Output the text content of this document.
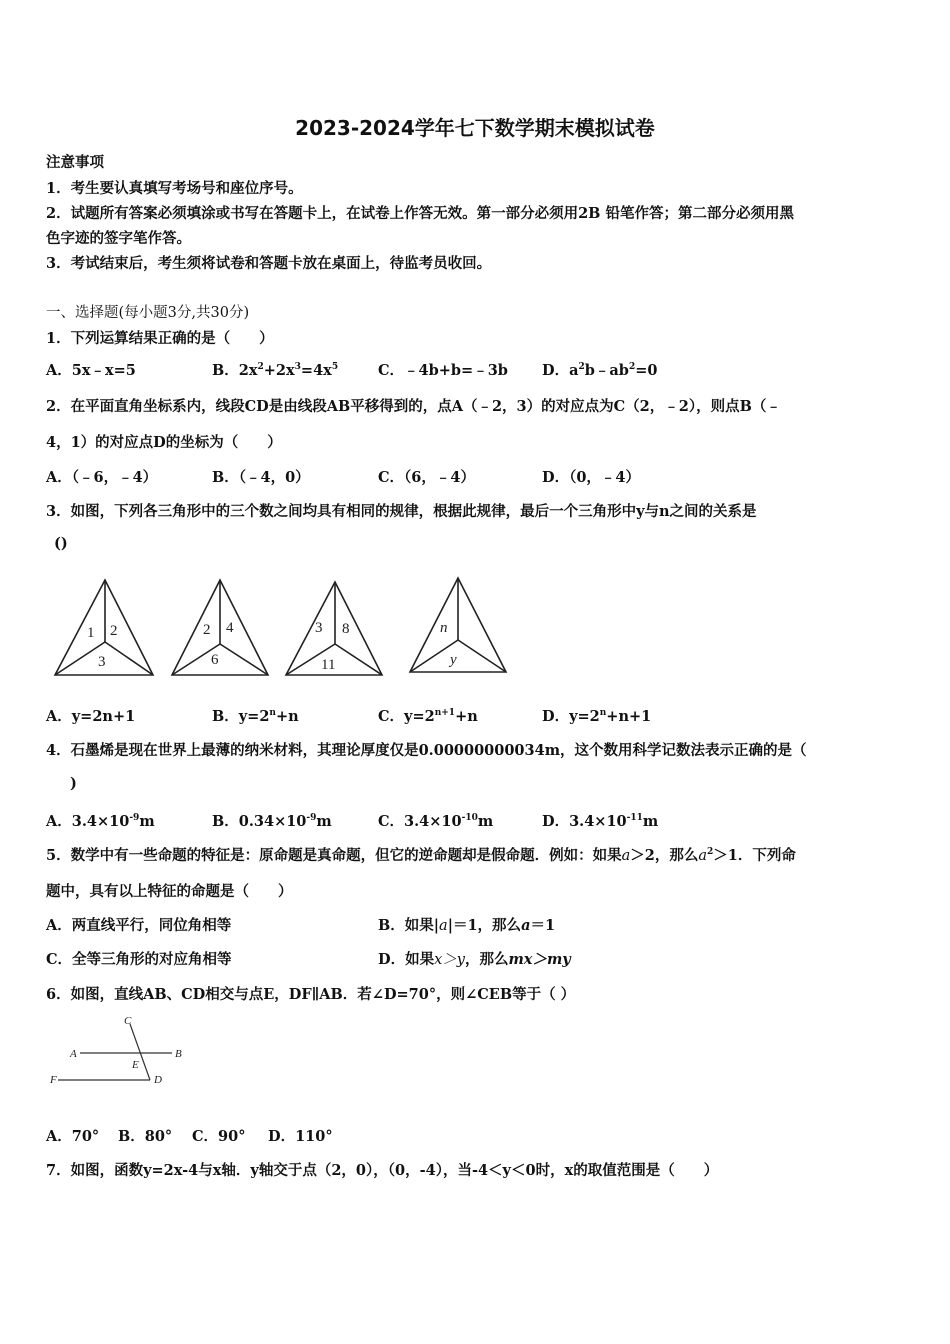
2023-2024学年七下数学期末模拟试卷
注意事项
1．考生要认真填写考场号和座位序号。
2．试题所有答案必须填涂或书写在答题卡上，在试卷上作答无效。第一部分必须用2B 铅笔作答；第二部分必须用黑
色字迹的签字笔作答。
3．考试结束后，考生须将试卷和答题卡放在桌面上，待监考员收回。
一、选择题(每小题3分,共30分)
1．下列运算结果正确的是（　　）
A．5x﹣x=5	B．$2x^2+2x^3=4x^5$	C．﹣4b+b=﹣3b D．$a^2b﹣ab^2=0$
2．在平面直角坐标系内，线段CD是由线段AB平移得到的，点A（﹣2，3）的对应点为C（2，﹣2），则点B（﹣
4，1）的对应点D的坐标为（　　）
A．（﹣6，﹣4）	B．（﹣4，0）	C．（6，﹣4）	D．（0，﹣4）
3．如图，下列各三角形中的三个数之间均具有相同的规律，根据此规律，最后一个三角形中y与n之间的关系是
()
1 2
3
2 4
6
3 8
11
n
y
A．y=2n+1	B．$y=2^n+n$	C．$y=2^{n+1}+n$	D．$y=2^n+n+1$
4．石墨烯是现在世界上最薄的纳米材料，其理论厚度仅是0.00000000034m，这个数用科学记数法表示正确的是（
)
A．$3.4\times 10^{-9}m$	B．$0.34\times 10^{-9}m$	C．$3.4\times 10^{-10}m$	D．$3.4\times 10^{-11}m$
5．数学中有一些命题的特征是：原命题是真命题，但它的逆命题却是假命题．例如：如果a＞2，那么$a^2>1$．下列命
题中，具有以上特征的命题是（　　）
A．两直线平行，同位角相等	B．如果|a|＝1，那么a＝1
C．全等三角形的对应角相等	D．如果x＞y，那么mx＞my
6．如图，直线AB、CD相交与点E，DF∥AB．若∠D=70°，则∠CEB等于（ ）
C
A	B
E
F	D
A．70° B．80° C．90° D．110°
7．如图，函数y=2x-4与x轴．y轴交于点（2，0），（0，-4），当-4＜y＜0时，x的取值范围是（　　）
